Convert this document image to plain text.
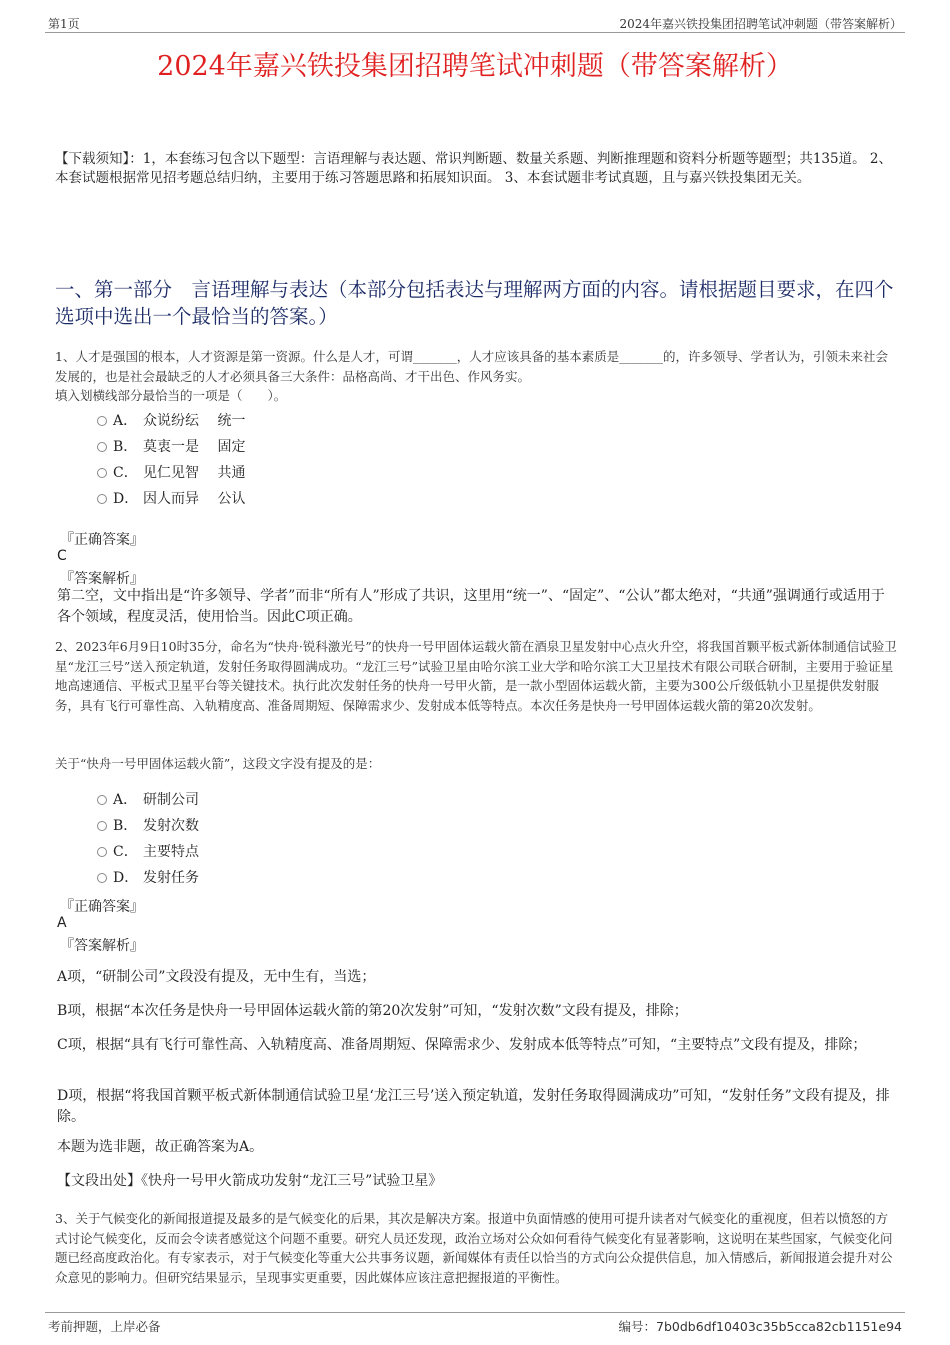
第1页	2024年嘉兴铁投集团招聘笔试冲刺题（带答案解析）
2024年嘉兴铁投集团招聘笔试冲刺题（带答案解析）
【下载须知】：1，本套练习包含以下题型：言语理解与表达题、常识判断题、数量关系题、判断推理题和资料分析题等题型；共135道。 2、本套试题根据常见招考题总结归纳，主要用于练习答题思路和拓展知识面。 3、本套试题非考试真题，且与嘉兴铁投集团无关。
一、第一部分　言语理解与表达（本部分包括表达与理解两方面的内容。请根据题目要求，在四个选项中选出一个最恰当的答案。）
1、人才是强国的根本，人才资源是第一资源。什么是人才，可谓_______，人才应该具备的基本素质是_______的，许多领导、学者认为，引领未来社会发展的，也是社会最缺乏的人才必须具备三大条件：品格高尚、才干出色、作风务实。
填入划横线部分最恰当的一项是（　　）。
A． 众说纷纭　 统一
B． 莫衷一是　 固定
C． 见仁见智　 共通
D． 因人而异　 公认
『正确答案』
C
『答案解析』
第二空，文中指出是“许多领导、学者”而非“所有人”形成了共识，这里用“统一”、“固定”、“公认”都太绝对，“共通”强调通行或适用于各个领域，程度灵活，使用恰当。因此C项正确。
2、2023年6月9日10时35分，命名为“快舟·锐科激光号”的快舟一号甲固体运载火箭在酒泉卫星发射中心点火升空，将我国首颗平板式新体制通信试验卫星“龙江三号”送入预定轨道，发射任务取得圆满成功。“龙江三号”试验卫星由哈尔滨工业大学和哈尔滨工大卫星技术有限公司联合研制，主要用于验证星地高速通信、平板式卫星平台等关键技术。执行此次发射任务的快舟一号甲火箭，是一款小型固体运载火箭，主要为300公斤级低轨小卫星提供发射服务，具有飞行可靠性高、入轨精度高、准备周期短、保障需求少、发射成本低等特点。本次任务是快舟一号甲固体运载火箭的第20次发射。
关于“快舟一号甲固体运载火箭”，这段文字没有提及的是：
A． 研制公司
B． 发射次数
C． 主要特点
D． 发射任务
『正确答案』
A
『答案解析』
A项，“研制公司”文段没有提及，无中生有，当选；
B项，根据“本次任务是快舟一号甲固体运载火箭的第20次发射”可知，“发射次数”文段有提及，排除；
C项，根据“具有飞行可靠性高、入轨精度高、准备周期短、保障需求少、发射成本低等特点”可知，“主要特点”文段有提及，排除；
D项，根据“将我国首颗平板式新体制通信试验卫星‘龙江三号’送入预定轨道，发射任务取得圆满成功”可知，“发射任务”文段有提及，排除。
本题为选非题，故正确答案为A。
【文段出处】《快舟一号甲火箭成功发射“龙江三号”试验卫星》
3、关于气候变化的新闻报道提及最多的是气候变化的后果，其次是解决方案。报道中负面情感的使用可提升读者对气候变化的重视度，但若以愤怒的方式讨论气候变化，反而会令读者感觉这个问题不重要。研究人员还发现，政治立场对公众如何看待气候变化有显著影响，这说明在某些国家，气候变化问题已经高度政治化。有专家表示，对于气候变化等重大公共事务议题，新闻媒体有责任以恰当的方式向公众提供信息，加入情感后，新闻报道会提升对公众意见的影响力。但研究结果显示，呈现事实更重要，因此媒体应该注意把握报道的平衡性。
考前押题，上岸必备	编号：7b0db6df10403c35b5cca82cb1151e94
